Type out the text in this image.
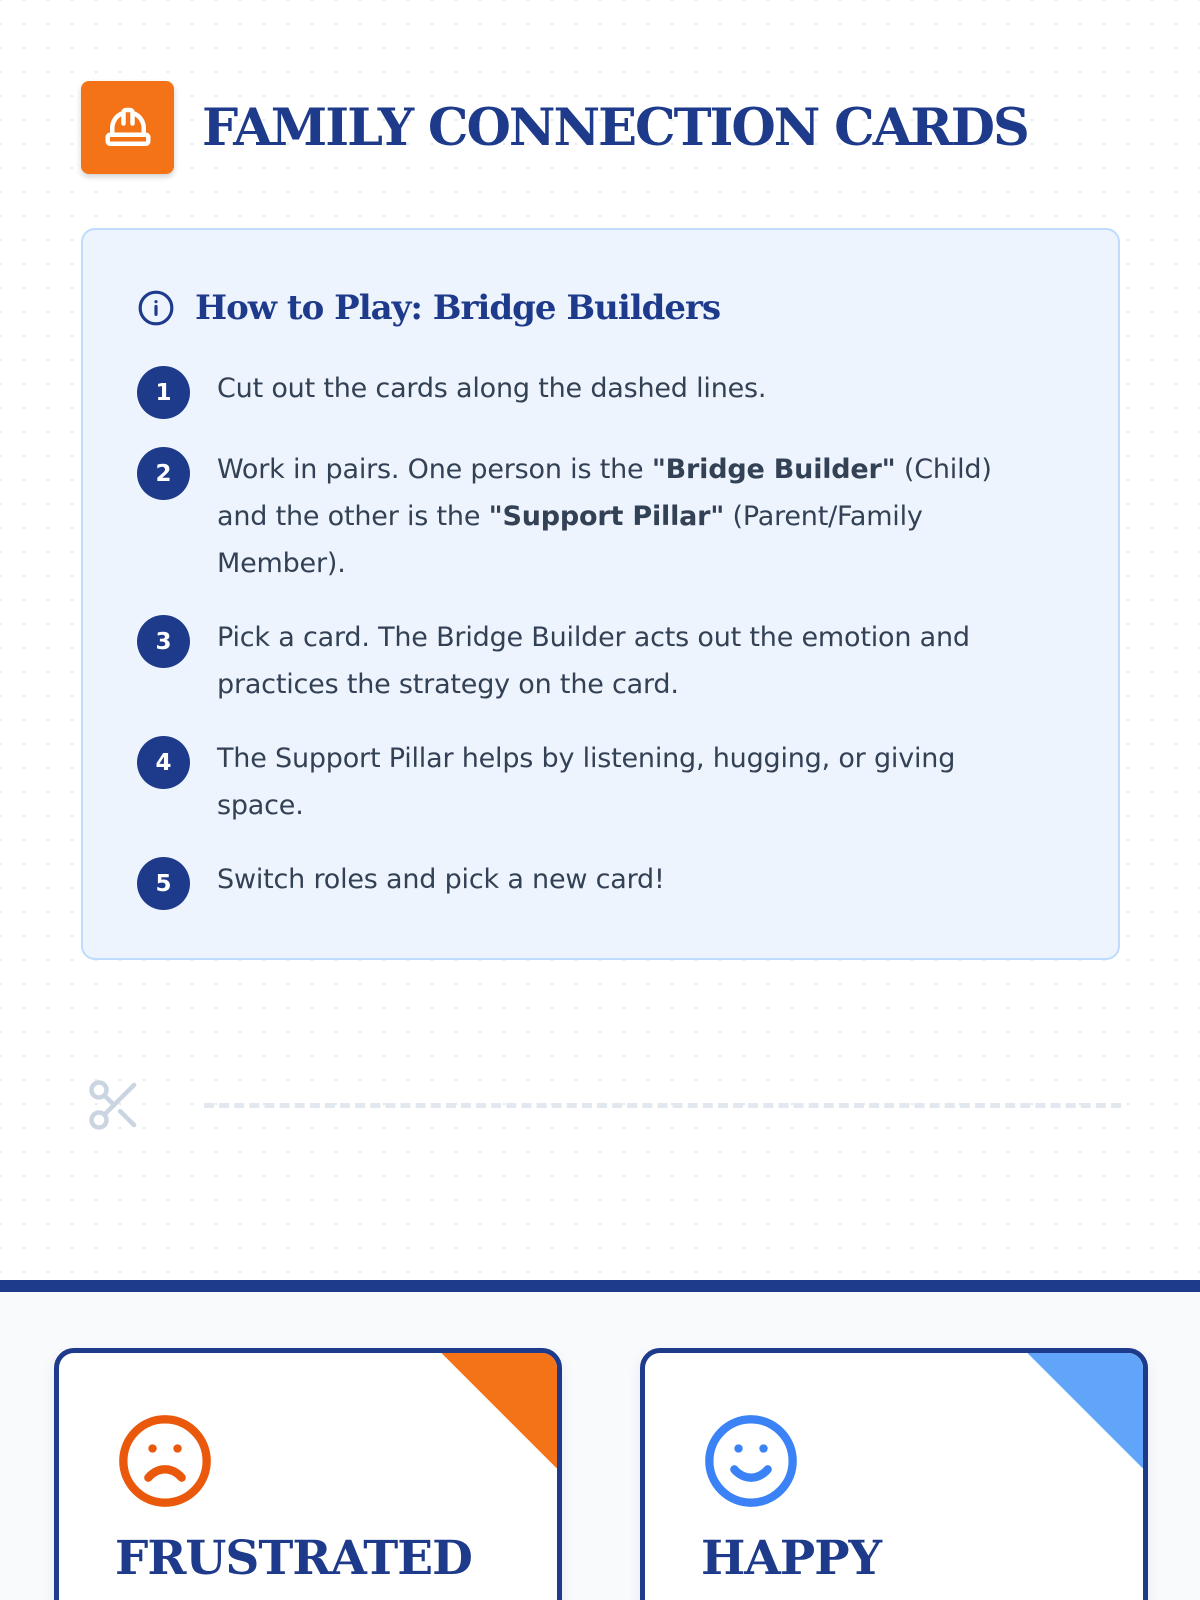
FAMILY CONNECTION CARDS
How to Play: Bridge Builders
1	Cut out the cards along the dashed lines.

2	Work in pairs. One person is the "Bridge Builder" (Child) and the other is the "Support Pillar" (Parent/Family Member).

3	Pick a card. The Bridge Builder acts out the emotion and practices the strategy on the card.

4	The Support Pillar helps by listening, hugging, or giving space.

5	Switch roles and pick a new card!

FRUSTRATED	HAPPY
